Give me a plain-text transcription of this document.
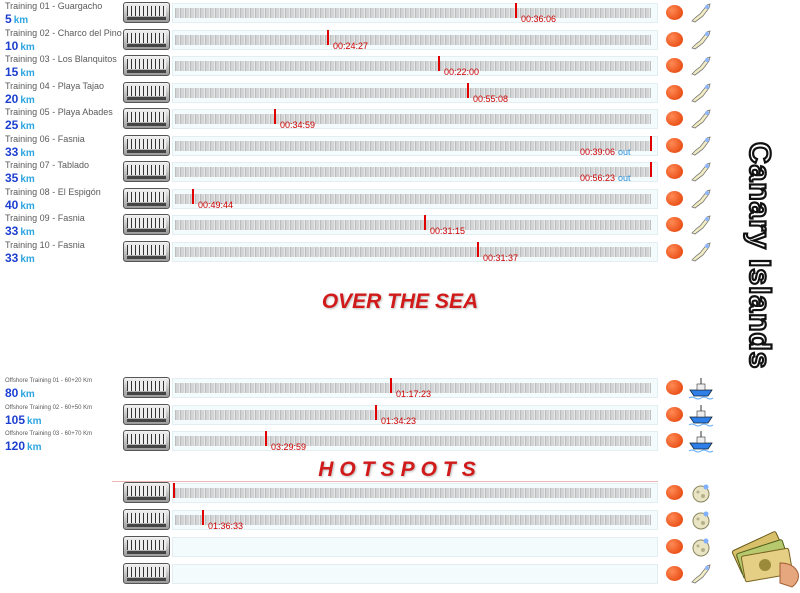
Training 01 - Guargacho
5 km	00:36:06
Training 02 - Charco del Pino
10 km	00:24:27
Training 03 - Los Blanquitos
15 km	00:22:00
Training 04 - Playa Tajao
20 km	00:55:08
Training 05 - Playa Abades
25 km	00:34:59
Training 06 - Fasnia
33 km	00:39:06 out
Training 07 - Tablado
35 km	00:56:23 out
Training 08 - El Espigón
40 km	00:49:44
Training 09 - Fasnia
33 km	00:31:15
Training 10 - Fasnia
33 km	00:31:37
OVER THE SEA
Offshore Training 01 - 60+20 Km
80 km	01:17:23
Offshore Training 02 - 60+50 Km
105 km	01:34:23
Offshore Training 03 - 60+70 Km
120 km	03:29:59
HOTSPOTS
01:36:33
Canary Islands
